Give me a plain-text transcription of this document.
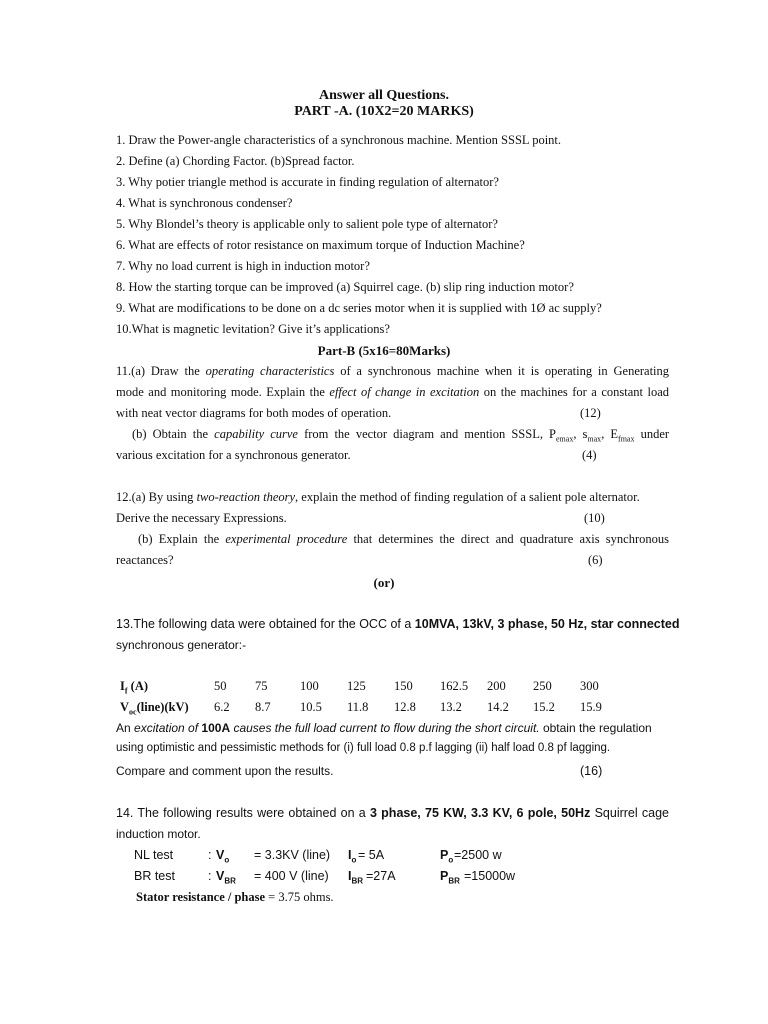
Answer all Questions.
PART -A. (10X2=20 MARKS)
1. Draw the Power-angle characteristics of a synchronous machine. Mention SSSL point.
2. Define (a) Chording Factor. (b)Spread factor.
3. Why potier triangle method is accurate in finding regulation of alternator?
4. What is synchronous condenser?
5. Why Blondel’s theory is applicable only to salient pole type of alternator?
6. What are effects of rotor resistance on maximum torque of Induction Machine?
7. Why no load current is high in induction motor?
8. How the starting torque can be improved (a) Squirrel cage. (b) slip ring induction motor?
9. What are modifications to be done on a dc series motor when it is supplied with 1Ø ac supply?
10.What is magnetic levitation? Give it’s applications?
Part-B (5x16=80Marks)
11.(a) Draw the operating characteristics of a synchronous machine when it is operating in Generating
mode and monitoring mode. Explain the effect of change in excitation on the machines for a constant load
with neat vector diagrams for both modes of operation.	(12)
(b) Obtain the capability curve from the vector diagram and mention SSSL, $P_{emax}$, $s_{max}$, $E_{fmax}$ under
various excitation for a synchronous generator.	(4)
12.(a) By using two-reaction theory, explain the method of finding regulation of a salient pole alternator.
Derive the necessary Expressions.	(10)
(b) Explain the experimental procedure that determines the direct and quadrature axis synchronous
reactances?	(6)
(or)
13.The following data were obtained for the OCC of a 10MVA, 13kV, 3 phase, 50 Hz, star connected
synchronous generator:-
$I_f$ (A)	50 75	100 125 150 162.5 200 250 300
$V_{oc}(line)(kV)$ 6.2 8.7 10.5 11.8 12.8 13.2 14.2 15.2 15.9
An excitation of 100A causes the full load current to flow during the short circuit. obtain the regulation
using optimistic and pessimistic methods for (i) full load 0.8 p.f lagging (ii) half load 0.8 pf lagging.
Compare and comment upon the results.	(16)
14. The following results were obtained on a 3 phase, 75 KW, 3.3 KV, 6 pole, 50Hz Squirrel cage
induction motor.
NL test	: $V_o = 3.3KV$ (line) $I_o = 5A$	$P_o =2500$ w
BR test	: $V_{BR} = 400$ V (line) $I_{BR} =27A$	$P_{BR} =15000w$
Stator resistance / phase = 3.75 ohms.
